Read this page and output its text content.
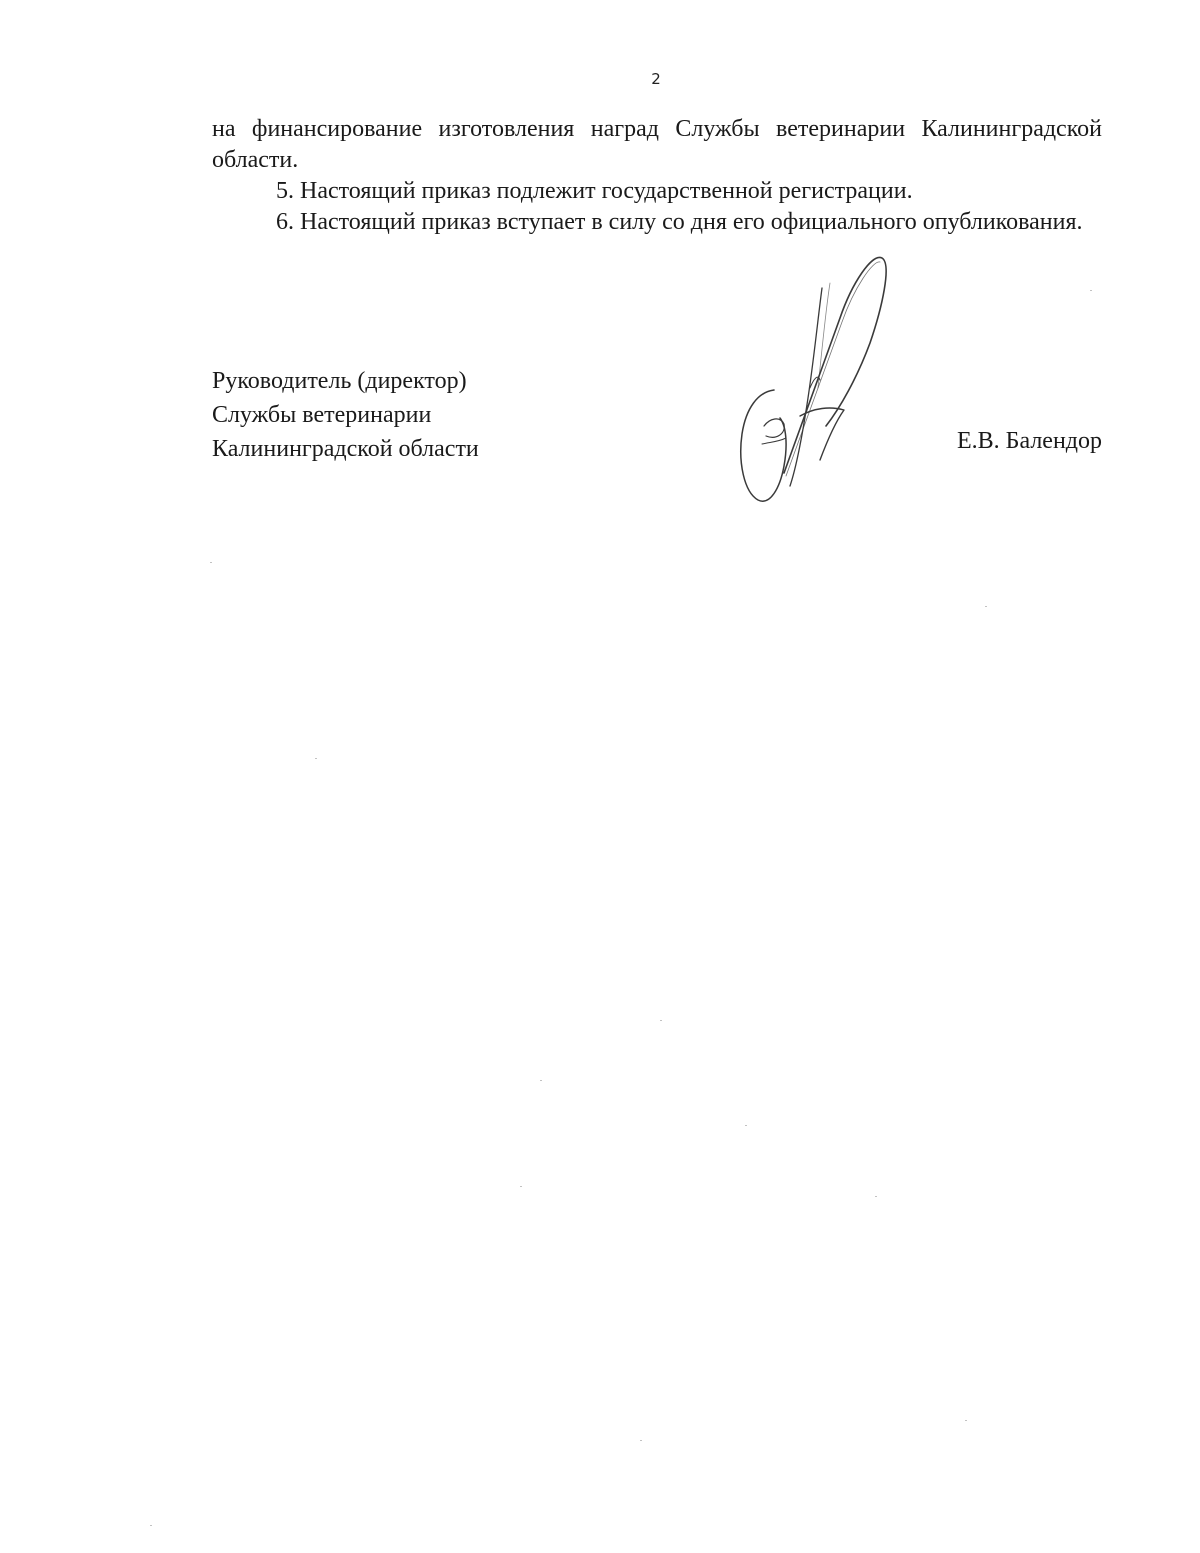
2

на финансирование изготовления наград Службы ветеринарии Калининградской области.

5. Настоящий приказ подлежит государственной регистрации.

6. Настоящий приказ вступает в силу со дня его официального опубликования.

Руководитель (директор)
Службы ветеринарии
Калининградской области	Е.В. Балендор
